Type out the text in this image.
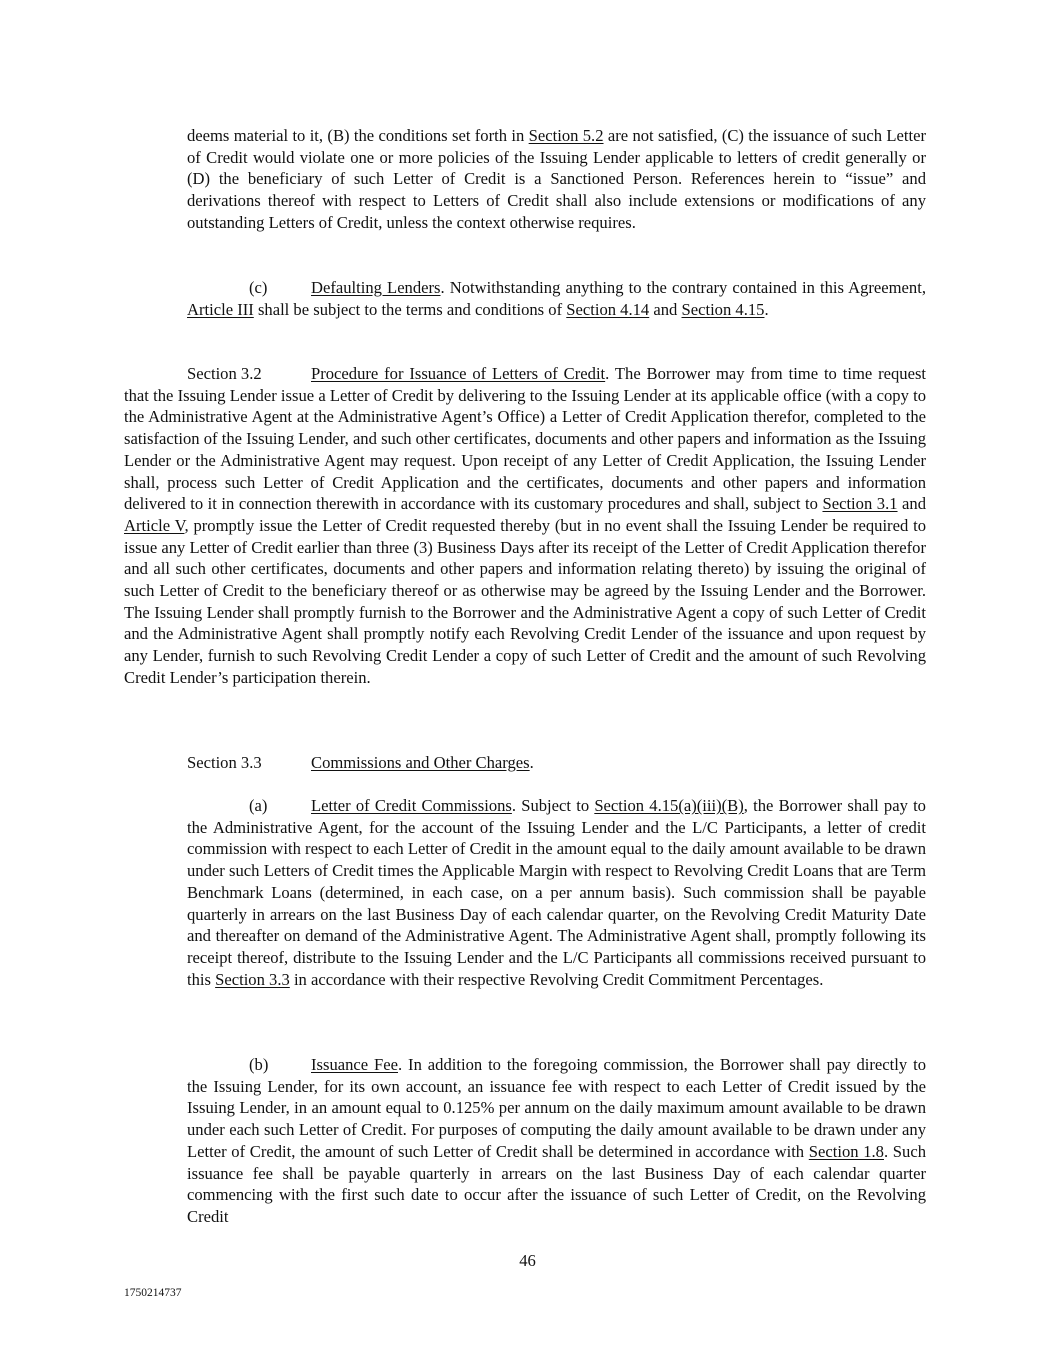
deems material to it, (B) the conditions set forth in Section 5.2 are not satisfied, (C) the issuance of such Letter of Credit would violate one or more policies of the Issuing Lender applicable to letters of credit generally or (D) the beneficiary of such Letter of Credit is a Sanctioned Person. References herein to “issue” and derivations thereof with respect to Letters of Credit shall also include extensions or modifications of any outstanding Letters of Credit, unless the context otherwise requires.

(c)	Defaulting Lenders. Notwithstanding anything to the contrary contained in this Agreement, Article III shall be subject to the terms and conditions of Section 4.14 and Section 4.15.

Section 3.2	Procedure for Issuance of Letters of Credit. The Borrower may from time to time request that the Issuing Lender issue a Letter of Credit by delivering to the Issuing Lender at its applicable office (with a copy to the Administrative Agent at the Administrative Agent’s Office) a Letter of Credit Application therefor, completed to the satisfaction of the Issuing Lender, and such other certificates, documents and other papers and information as the Issuing Lender or the Administrative Agent may request. Upon receipt of any Letter of Credit Application, the Issuing Lender shall, process such Letter of Credit Application and the certificates, documents and other papers and information delivered to it in connection therewith in accordance with its customary procedures and shall, subject to Section 3.1 and Article V, promptly issue the Letter of Credit requested thereby (but in no event shall the Issuing Lender be required to issue any Letter of Credit earlier than three (3) Business Days after its receipt of the Letter of Credit Application therefor and all such other certificates, documents and other papers and information relating thereto) by issuing the original of such Letter of Credit to the beneficiary thereof or as otherwise may be agreed by the Issuing Lender and the Borrower. The Issuing Lender shall promptly furnish to the Borrower and the Administrative Agent a copy of such Letter of Credit and the Administrative Agent shall promptly notify each Revolving Credit Lender of the issuance and upon request by any Lender, furnish to such Revolving Credit Lender a copy of such Letter of Credit and the amount of such Revolving Credit Lender’s participation therein.

Section 3.3	Commissions and Other Charges.

(a)	Letter of Credit Commissions. Subject to Section 4.15(a)(iii)(B), the Borrower shall pay to the Administrative Agent, for the account of the Issuing Lender and the L/C Participants, a letter of credit commission with respect to each Letter of Credit in the amount equal to the daily amount available to be drawn under such Letters of Credit times the Applicable Margin with respect to Revolving Credit Loans that are Term Benchmark Loans (determined, in each case, on a per annum basis). Such commission shall be payable quarterly in arrears on the last Business Day of each calendar quarter, on the Revolving Credit Maturity Date and thereafter on demand of the Administrative Agent. The Administrative Agent shall, promptly following its receipt thereof, distribute to the Issuing Lender and the L/C Participants all commissions received pursuant to this Section 3.3 in accordance with their respective Revolving Credit Commitment Percentages.

(b)	Issuance Fee. In addition to the foregoing commission, the Borrower shall pay directly to the Issuing Lender, for its own account, an issuance fee with respect to each Letter of Credit issued by the Issuing Lender, in an amount equal to 0.125% per annum on the daily maximum amount available to be drawn under each such Letter of Credit. For purposes of computing the daily amount available to be drawn under any Letter of Credit, the amount of such Letter of Credit shall be determined in accordance with Section 1.8. Such issuance fee shall be payable quarterly in arrears on the last Business Day of each calendar quarter commencing with the first such date to occur after the issuance of such Letter of Credit, on the Revolving Credit

46
1750214737
